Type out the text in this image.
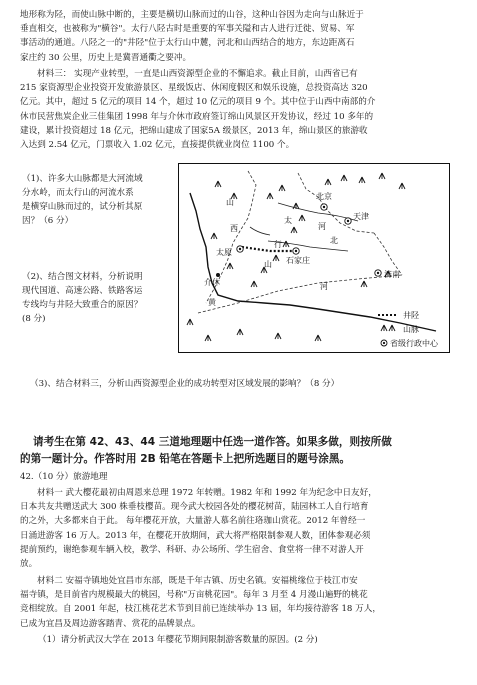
地形称为陉，而使山脉中断的，主要是横切山脉而过的山谷，这种山谷因为走向与山脉近于

垂直相交，也被称为"横谷"。太行八陉古时是重要的军事关隘和古人进行迁徙、贸易、军

事活动的通道。八陉之一的"井陉"位于太行山中麓，河北和山西结合的地方，东边距离石

家庄约 30 公里，历史上是冀晋通衢之要冲。

材料三： 实现产业转型，一直是山西资源型企业的不懈追求。截止目前，山西省已有

215 家资源型企业投资开发旅游景区、星级饭店、休闲度假区和娱乐设施，总投资高达 320

亿元。其中，超过 5 亿元的项目 14 个，超过 10 亿元的项目 9 个。其中位于山西中南部的介

休市民营焦炭企业三佳集团 1998 年与介休市政府签订绵山风景区开发协议，经过 10 多年的

建设，累计投资超过 18 亿元，把绵山建成了国家5A 级景区，2013 年，绵山景区的旅游收

入达到 2.54 亿元，门票收入 1.02 亿元，直接提供就业岗位 1100 个。

（1)、许多大山脉都是大河流域

分水岭，而太行山的河流水系

是横穿山脉而过的，试分析其原

因？（6 分）

（2)、结合图文材料，分析说明

现代国道、高速公路、铁路客运

专线均与井陉大致重合的原因？

(8 分)

山
西
太
行
山
北京
天津
河
北
太原
石家庄
介休
济南
黄
河
井陉
山脉
省级行政中心

（3)、结合材料三，分析山西资源型企业的成功转型对区域发展的影响？（8 分）

请考生在第 42、43、44 三道地理题中任选一道作答。如果多做，则按所做

的第一题计分。作答时用 2B 铅笔在答题卡上把所选题目的题号涂黑。

42.（10 分）旅游地理

材料一 武大樱花最初由周恩来总理 1972 年转赠。1982 年和 1992 年为纪念中日友好，

日本共友共赠送武大 300 株垂枝樱苗。现今武大校园各处的樱花树苗，陆园林工人自行培育

的之外，大多都来自于此。 每年樱花开放，大量游人慕名前往珞珈山赏花。2012 年曾经一

日涌进游客 16 万人。2013 年，在樱花开放期间，武大将严格限制参观人数，团体参观必须

提前预约，谢绝参观车辆入校，教学、科研、办公场所、学生宿舍、食堂将一律不对游人开

放。

材料二 安福寺镇地处宜昌市东部，既是千年古镇、历史名镇。安福桃缘位于枝江市安

福寺镇，是目前省内规模最大的桃园，号称"万亩桃花园"。每年 3 月至 4 月漫山遍野的桃花

竞相绽放。自 2001 年起，枝江桃花艺术节到目前已连续举办 13 届，年均接待游客 18 万人，

已成为宜昌及周边游客踏青、赏花的品牌景点。

（1）请分析武汉大学在 2013 年樱花节期间限制游客数量的原因。(2 分)
